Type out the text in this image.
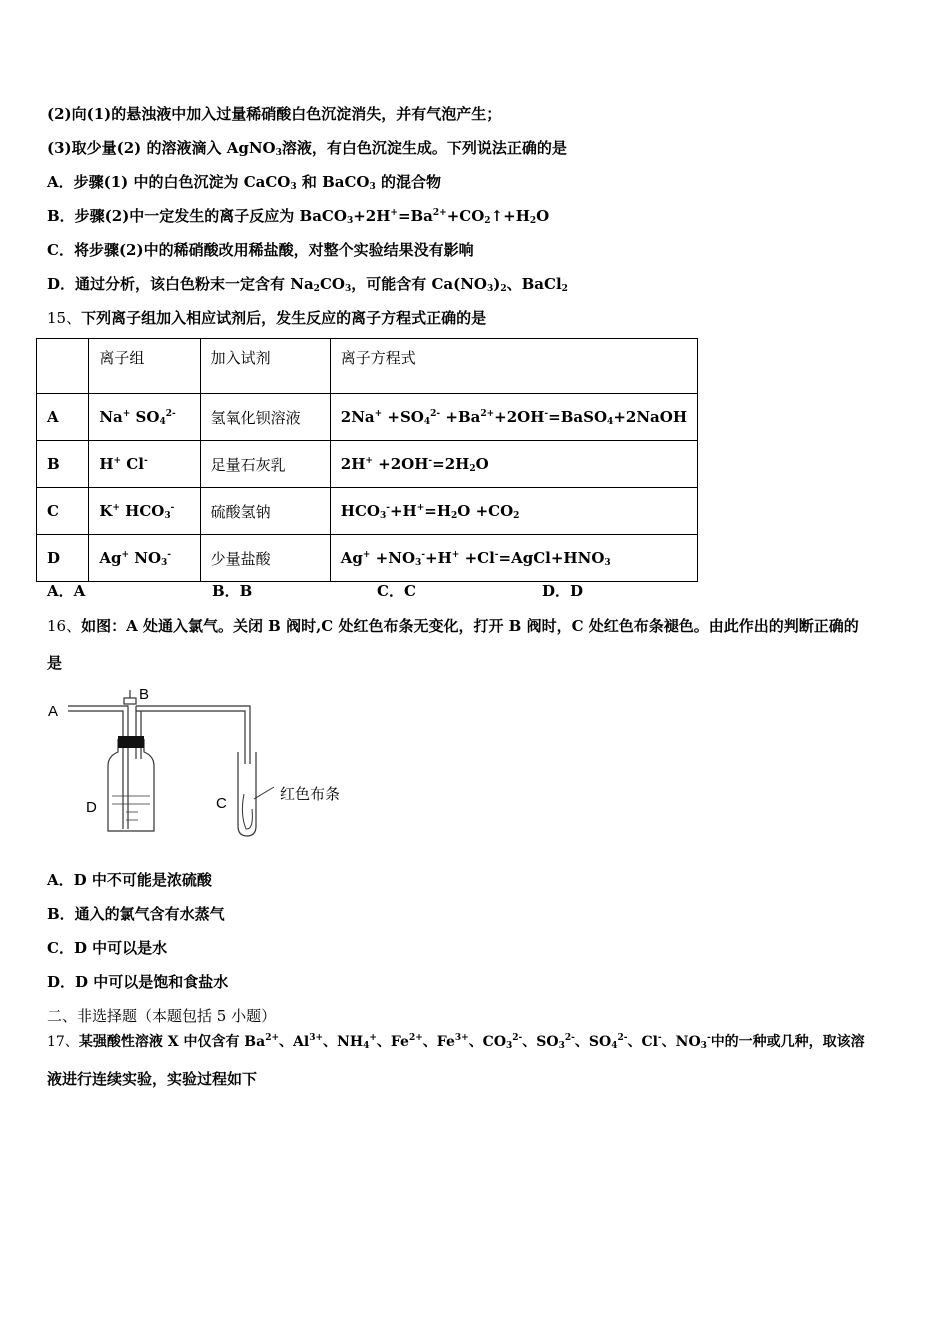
(2)向(1)的悬浊液中加入过量稀硝酸白色沉淀消失，并有气泡产生；
(3)取少量(2) 的溶液滴入 AgNO$_3$溶液，有白色沉淀生成。下列说法正确的是
A．步骤(1) 中的白色沉淀为 CaCO$_3$ 和 BaCO$_3$ 的混合物
B．步骤(2)中一定发生的离子反应为 $BaCO_3+2H^+=Ba^{2+}+CO_2↑+H_2O$
C．将步骤(2)中的稀硝酸改用稀盐酸，对整个实验结果没有影响
D．通过分析，该白色粉末一定含有 $Na_2CO_3$，可能含有 $Ca(NO_3)_2$、BaCl$_2$
15、下列离子组加入相应试剂后，发生反应的离子方程式正确的是
	离子组	加入试剂	离子方程式
A	Na+ $SO_4^{2-}$	氢氧化钡溶液	$2Na^+ +SO_4^{2-}$ $+Ba^{2+}+2OH^-=BaSO_4+2NaOH$
B	H+ Cl-	足量石灰乳	$2H^+ +2OH^-=2H_2O$
C	K+ $HCO_3^-$	硫酸氢钠	$HCO_3^-+H^+=H_2O +CO_2$
D	Ag+ $NO_3^-$	少量盐酸	$Ag^+ +NO_3^-+H^+$ $+Cl^-=AgCl+HNO_3$
A．A	B．B	C．C	D．D
16、如图：A 处通入氯气。关闭 B 阀时,C 处红色布条无变化，打开 B 阀时，C 处红色布条褪色。由此作出的判断正确的
是
A
B
C
D
红色布条
A．D 中不可能是浓硫酸
B．通入的氯气含有水蒸气
C．D 中可以是水
D．D 中可以是饱和食盐水
二、非选择题（本题包括 5 小题）
17、某强酸性溶液 X 中仅含有 $Ba^{2+}$、$Al^{3+}$、$NH_4^+$、$Fe^{2+}$、$Fe^{3+}$、$CO_3^{2-}$、$SO_3^{2-}$、$SO_4^{2-}$、Cl-、$NO_3^-$中的一种或几种，取该溶
液进行连续实验，实验过程如下
